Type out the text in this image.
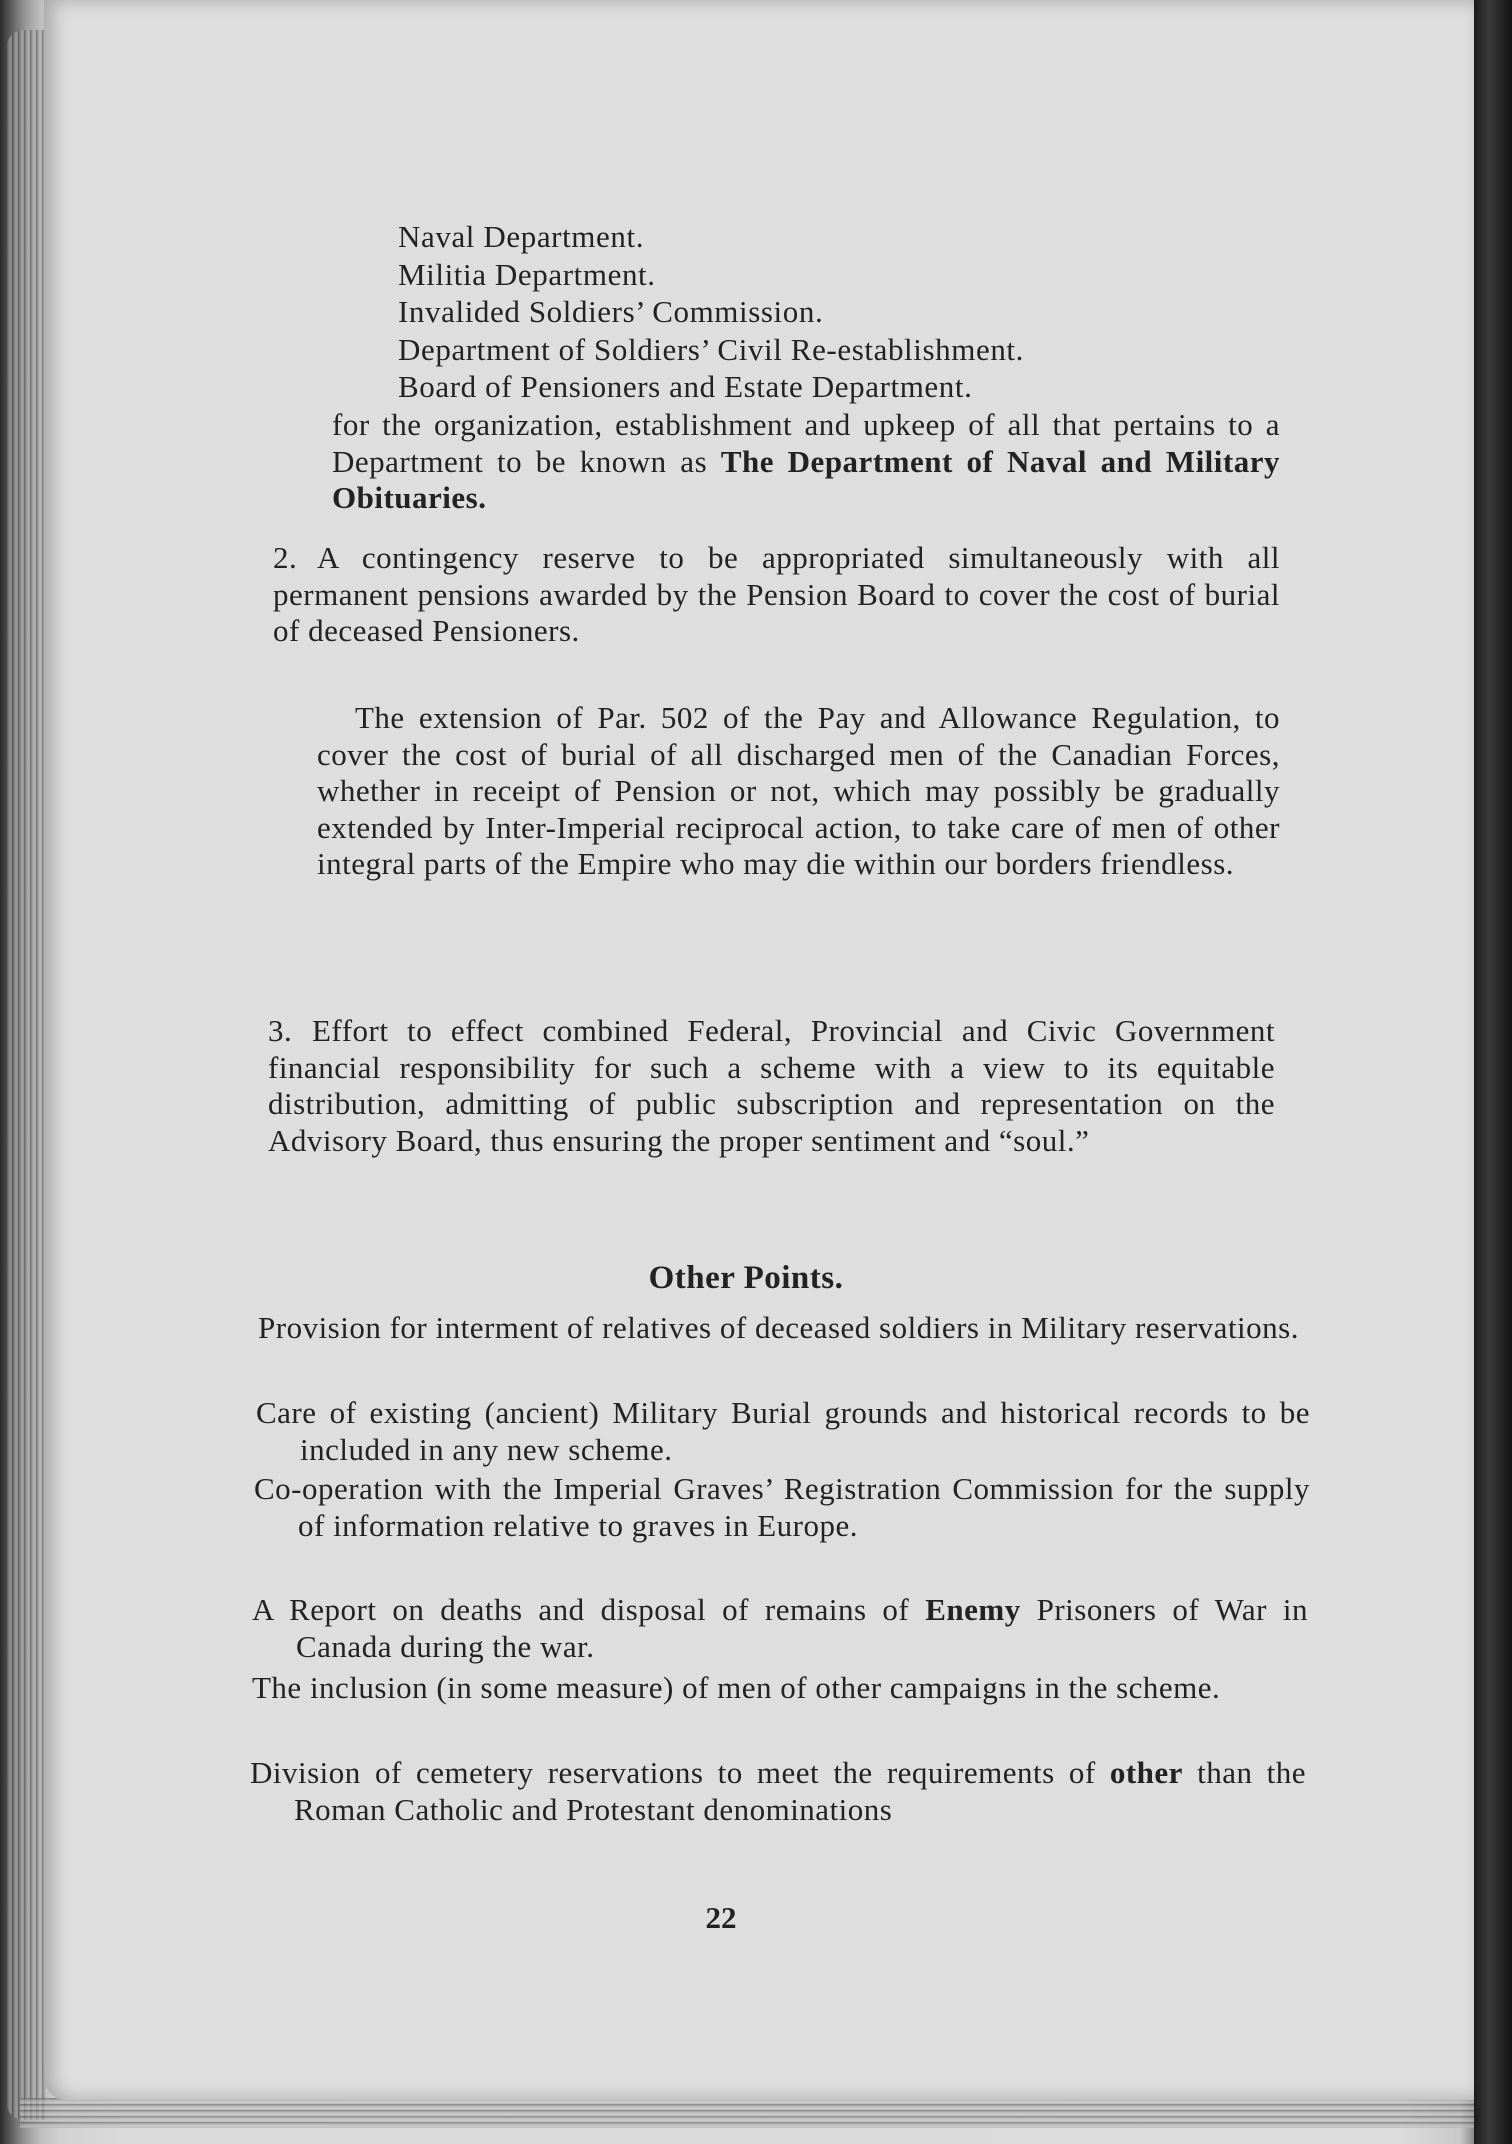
Naval Department.
Militia Department.
Invalided Soldiers’ Commission.
Department of Soldiers’ Civil Re-establishment.
Board of Pensioners and Estate Department.
for the organization, establishment and upkeep of all that pertains to a Department to be known as The Department of Naval and Military Obituaries.
2. A contingency reserve to be appropriated simultaneously with all permanent pensions awarded by the Pension Board to cover the cost of burial of deceased Pensioners.
The extension of Par. 502 of the Pay and Allowance Regulation, to cover the cost of burial of all discharged men of the Canadian Forces, whether in receipt of Pension or not, which may possibly be gradually extended by Inter-Imperial reciprocal action, to take care of men of other integral parts of the Empire who may die within our borders friendless.
3. Effort to effect combined Federal, Provincial and Civic Government financial responsibility for such a scheme with a view to its equitable distribution, admitting of public subscription and representation on the Advisory Board, thus ensuring the proper sentiment and “soul.”
Other Points.
Provision for interment of relatives of deceased soldiers in Military reservations.
Care of existing (ancient) Military Burial grounds and historical records to be included in any new scheme.
Co-operation with the Imperial Graves’ Registration Commission for the supply of information relative to graves in Europe.
A Report on deaths and disposal of remains of Enemy Prisoners of War in Canada during the war.
The inclusion (in some measure) of men of other campaigns in the scheme.
Division of cemetery reservations to meet the requirements of other than the Roman Catholic and Protestant denominations
22
